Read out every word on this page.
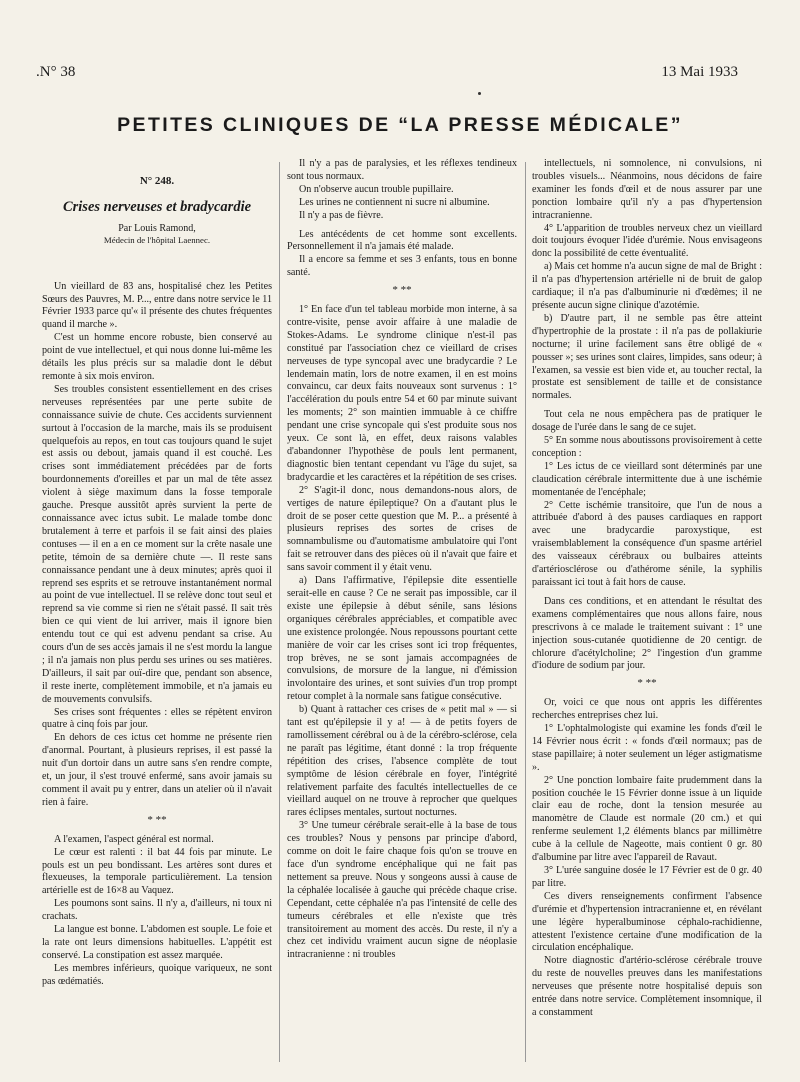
.N° 38	13 Mai 1933
PETITES CLINIQUES DE “LA PRESSE MÉDICALE”

N° 248.

Crises nerveuses et bradycardie

Par Louis Ramond,

Médecin de l'hôpital Laennec.

Un vieillard de 83 ans, hospitalisé chez les Petites Sœurs des Pauvres, M. P..., entre dans notre service le 11 Février 1933 parce qu'« il présente des chutes fréquentes quand il marche ».

C'est un homme encore robuste, bien conservé au point de vue intellectuel, et qui nous donne lui-même les détails les plus précis sur sa maladie dont le début remonte à six mois environ.

Ses troubles consistent essentiellement en des crises nerveuses représentées par une perte subite de connaissance suivie de chute. Ces accidents surviennent surtout à l'occasion de la marche, mais ils se produisent quelquefois au repos, en tout cas toujours quand le sujet est assis ou debout, jamais quand il est couché. Les crises sont immédiatement précédées par de forts bourdonnements d'oreilles et par un mal de tête assez violent à siège maximum dans la fosse temporale gauche. Presque aussitôt après survient la perte de connaissance avec ictus subit. Le malade tombe donc brutalement à terre et parfois il se fait ainsi des plaies contuses — il en a en ce moment sur la crête nasale une petite, témoin de sa dernière chute —. Il reste sans connaissance pendant une à deux minutes; après quoi il reprend ses esprits et se retrouve instantanément normal au point de vue intellectuel. Il se relève donc tout seul et reprend sa vie comme si rien ne s'était passé. Il sait très bien ce qui vient de lui arriver, mais il ignore bien entendu tout ce qui est advenu pendant sa crise. Au cours d'un de ses accès jamais il ne s'est mordu la langue ; il n'a jamais non plus perdu ses urines ou ses matières. D'ailleurs, il sait par ouï-dire que, pendant son absence, il reste inerte, complètement immobile, et n'a jamais eu de mouvements convulsifs.

Ses crises sont fréquentes : elles se répètent environ quatre à cinq fois par jour.

En dehors de ces ictus cet homme ne présente rien d'anormal. Pourtant, à plusieurs reprises, il est passé la nuit d'un dortoir dans un autre sans s'en rendre compte, et, un jour, il s'est trouvé enfermé, sans avoir jamais su comment il avait pu y entrer, dans un atelier où il n'avait rien à faire.

* **

A l'examen, l'aspect général est normal.

Le cœur est ralenti : il bat 44 fois par minute. Le pouls est un peu bondissant. Les artères sont dures et flexueuses, la temporale particulièrement. La tension artérielle est de 16×8 au Vaquez.

Les poumons sont sains. Il n'y a, d'ailleurs, ni toux ni crachats.

La langue est bonne. L'abdomen est souple. Le foie et la rate ont leurs dimensions habituelles. L'appétit est conservé. La constipation est assez marquée.

Les membres inférieurs, quoique variqueux, ne sont pas œdématiés.

Il n'y a pas de paralysies, et les réflexes tendineux sont tous normaux.

On n'observe aucun trouble pupillaire.

Les urines ne contiennent ni sucre ni albumine.

Il n'y a pas de fièvre.

Les antécédents de cet homme sont excellents. Personnellement il n'a jamais été malade.

Il a encore sa femme et ses 3 enfants, tous en bonne santé.

* **

1° En face d'un tel tableau morbide mon interne, à sa contre-visite, pense avoir affaire à une maladie de Stokes-Adams. Le syndrome clinique n'est-il pas constitué par l'association chez ce vieillard de crises nerveuses de type syncopal avec une bradycardie ? Le lendemain matin, lors de notre examen, il en est moins convaincu, car deux faits nouveaux sont survenus : 1° l'accélération du pouls entre 54 et 60 par minute suivant les moments; 2° son maintien immuable à ce chiffre pendant une crise syncopale qui s'est produite sous nos yeux. Ce sont là, en effet, deux raisons valables d'abandonner l'hypothèse de pouls lent permanent, diagnostic bien tentant cependant vu l'âge du sujet, sa bradycardie et les caractères et la répétition de ses crises.

2° S'agit-il donc, nous demandons-nous alors, de vertiges de nature épileptique? On a d'autant plus le droit de se poser cette question que M. P... a présenté à plusieurs reprises des sortes de crises de somnambulisme ou d'automatisme ambulatoire qui l'ont fait se retrouver dans des pièces où il n'avait que faire et sans savoir comment il y était venu.

a) Dans l'affirmative, l'épilepsie dite essentielle serait-elle en cause ? Ce ne serait pas impossible, car il existe une épilepsie à début sénile, sans lésions organiques cérébrales appréciables, et compatible avec une existence prolongée. Nous repoussons pourtant cette manière de voir car les crises sont ici trop fréquentes, trop brèves, ne se sont jamais accompagnées de convulsions, de morsure de la langue, ni d'émission involontaire des urines, et sont suivies d'un trop prompt retour complet à la normale sans fatigue consécutive.

b) Quant à rattacher ces crises de « petit mal » — si tant est qu'épilepsie il y a! — à de petits foyers de ramollissement cérébral ou à de la cérébro-sclérose, cela ne paraît pas légitime, étant donné : la trop fréquente répétition des crises, l'absence complète de tout symptôme de lésion cérébrale en foyer, l'intégrité relativement parfaite des facultés intellectuelles de ce vieillard auquel on ne trouve à reprocher que quelques rares éclipses mentales, surtout nocturnes.

3° Une tumeur cérébrale serait-elle à la base de tous ces troubles? Nous y pensons par principe d'abord, comme on doit le faire chaque fois qu'on se trouve en face d'un syndrome encéphalique qui ne fait pas nettement sa preuve. Nous y songeons aussi à cause de la céphalée localisée à gauche qui précède chaque crise. Cependant, cette céphalée n'a pas l'intensité de celle des tumeurs cérébrales et elle n'existe que très transitoirement au moment des accès. Du reste, il n'y a chez cet individu vraiment aucun signe de néoplasie intracranienne : ni troubles

intellectuels, ni somnolence, ni convulsions, ni troubles visuels... Néanmoins, nous décidons de faire examiner les fonds d'œil et de nous assurer par une ponction lombaire qu'il n'y a pas d'hypertension intracranienne.

4° L'apparition de troubles nerveux chez un vieillard doit toujours évoquer l'idée d'urémie. Nous envisageons donc la possibilité de cette éventualité.

a) Mais cet homme n'a aucun signe de mal de Bright : il n'a pas d'hypertension artérielle ni de bruit de galop cardiaque; il n'a pas d'albuminurie ni d'œdèmes; il ne présente aucun signe clinique d'azotémie.

b) D'autre part, il ne semble pas être atteint d'hypertrophie de la prostate : il n'a pas de pollakiurie nocturne; il urine facilement sans être obligé de « pousser »; ses urines sont claires, limpides, sans odeur; à l'examen, sa vessie est bien vide et, au toucher rectal, la prostate est sensiblement de taille et de consistance normales.

Tout cela ne nous empêchera pas de pratiquer le dosage de l'urée dans le sang de ce sujet.

5° En somme nous aboutissons provisoirement à cette conception :

1° Les ictus de ce vieillard sont déterminés par une claudication cérébrale intermittente due à une ischémie momentanée de l'encéphale;

2° Cette ischémie transitoire, que l'un de nous a attribuée d'abord à des pauses cardiaques en rapport avec une bradycardie paroxystique, est vraisemblablement la conséquence d'un spasme artériel des vaisseaux cérébraux ou bulbaires atteints d'artériosclérose ou d'athérome sénile, la syphilis paraissant ici tout à fait hors de cause.

Dans ces conditions, et en attendant le résultat des examens complémentaires que nous allons faire, nous prescrivons à ce malade le traitement suivant : 1° une injection sous-cutanée quotidienne de 20 centigr. de chlorure d'acétylcholine; 2° l'ingestion d'un gramme d'iodure de sodium par jour.

* **

Or, voici ce que nous ont appris les différentes recherches entreprises chez lui.

1° L'ophtalmologiste qui examine les fonds d'œil le 14 Février nous écrit : « fonds d'œil normaux; pas de stase papillaire; à noter seulement un léger astigmatisme ».

2° Une ponction lombaire faite prudemment dans la position couchée le 15 Février donne issue à un liquide clair eau de roche, dont la tension mesurée au manomètre de Claude est normale (20 cm.) et qui renferme seulement 1,2 éléments blancs par millimètre cube à la cellule de Nageotte, mais contient 0 gr. 80 d'albumine par litre avec l'appareil de Ravaut.

3° L'urée sanguine dosée le 17 Février est de 0 gr. 40 par litre.

Ces divers renseignements confirment l'absence d'urémie et d'hypertension intracranienne et, en révélant une légère hyperalbuminose céphalo-rachidienne, attestent l'existence certaine d'une modification de la circulation encéphalique.

Notre diagnostic d'artério-sclérose cérébrale trouve du reste de nouvelles preuves dans les manifestations nerveuses que présente notre hospitalisé depuis son entrée dans notre service. Complètement insomnique, il a constamment
